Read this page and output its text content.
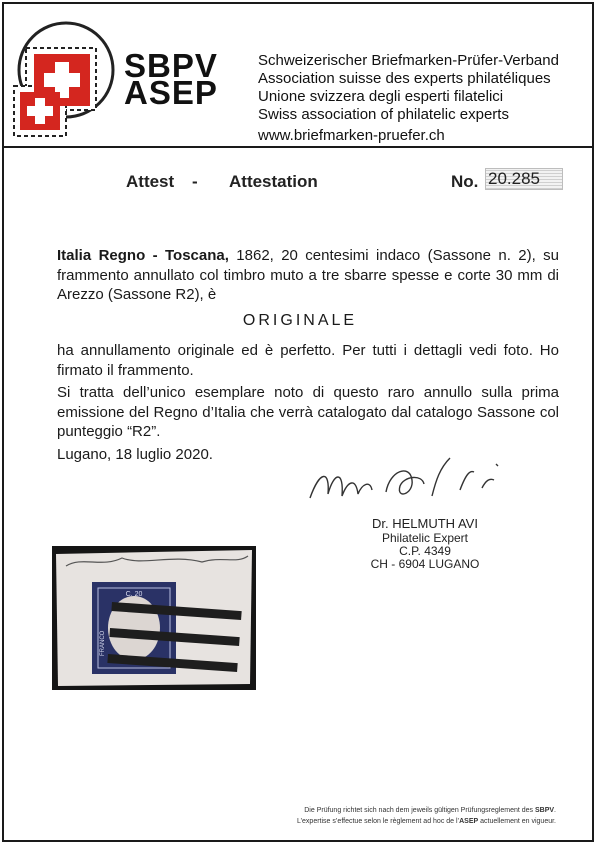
SBPV
ASEP
Schweizerischer Briefmarken-Prüfer-Verband
Association suisse des experts philatéliques
Unione svizzera degli esperti filatelici
Swiss association of philatelic experts
www.briefmarken-pruefer.ch
Attest - Attestation	No. 20.285
Italia Regno - Toscana, 1862, 20 centesimi indaco (Sassone n. 2), su frammento annullato col timbro muto a tre sbarre spesse e corte 30 mm di Arezzo (Sassone R2), è
ORIGINALE
ha annullamento originale ed è perfetto. Per tutti i dettagli vedi foto. Ho firmato il frammento.
Si tratta dell’unico esemplare noto di questo raro annullo sulla prima emissione del Regno d’Italia che verrà catalogato dal catalogo Sassone col punteggio “R2”.
Lugano, 18 luglio 2020.
Dr. HELMUTH AVI
Philatelic Expert
C.P. 4349
CH - 6904 LUGANO
C. 20
FRANCO
Die Prüfung richtet sich nach dem jeweils gültigen Prüfungsreglement des SBPV.
L’expertise s’effectue selon le règlement ad hoc de l’ASEP actuellement en vigueur.
